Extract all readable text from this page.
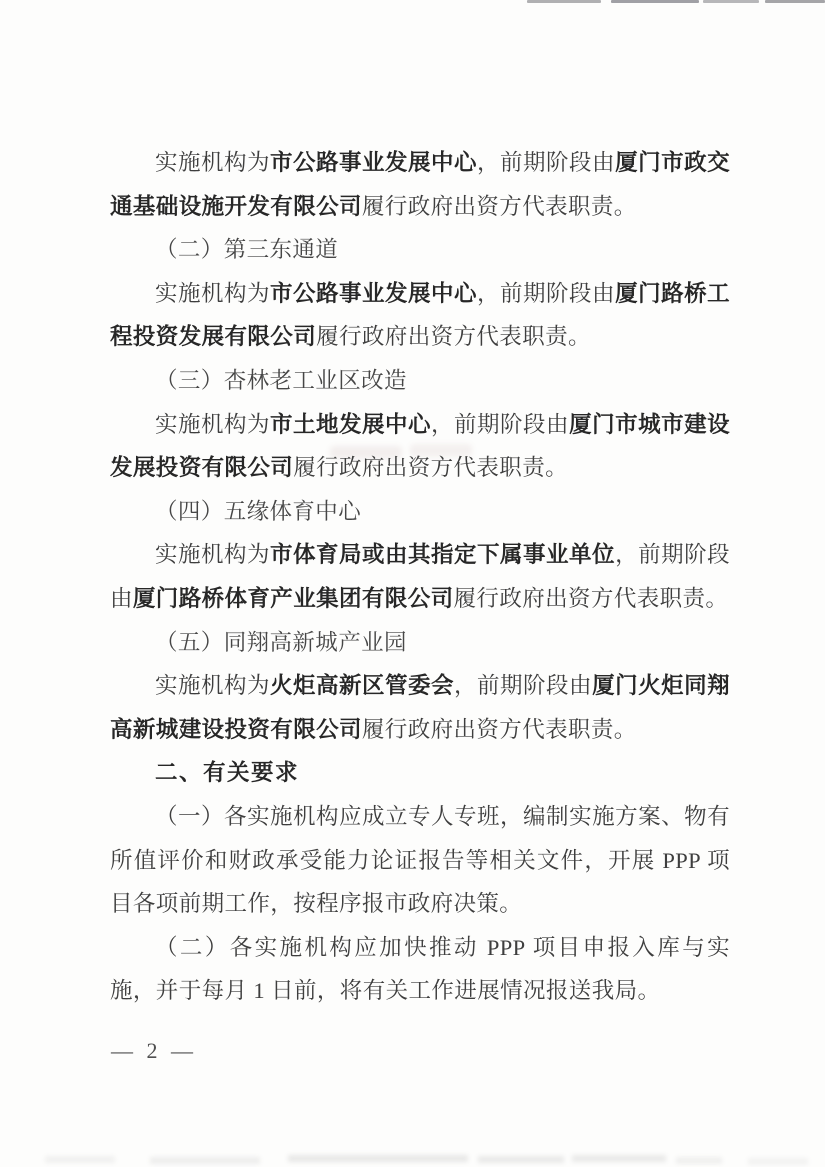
实施机构为市公路事业发展中心，前期阶段由厦门市政交通基础设施开发有限公司履行政府出资方代表职责。
（二）第三东通道
实施机构为市公路事业发展中心，前期阶段由厦门路桥工程投资发展有限公司履行政府出资方代表职责。
（三）杏林老工业区改造
实施机构为市土地发展中心，前期阶段由厦门市城市建设发展投资有限公司履行政府出资方代表职责。
（四）五缘体育中心
实施机构为市体育局或由其指定下属事业单位，前期阶段由厦门路桥体育产业集团有限公司履行政府出资方代表职责。
（五）同翔高新城产业园
实施机构为火炬高新区管委会，前期阶段由厦门火炬同翔高新城建设投资有限公司履行政府出资方代表职责。
二、有关要求
（一）各实施机构应成立专人专班，编制实施方案、物有所值评价和财政承受能力论证报告等相关文件，开展 PPP 项目各项前期工作，按程序报市政府决策。
（二）各实施机构应加快推动 PPP 项目申报入库与实施，并于每月 1 日前，将有关工作进展情况报送我局。
— 2 —
